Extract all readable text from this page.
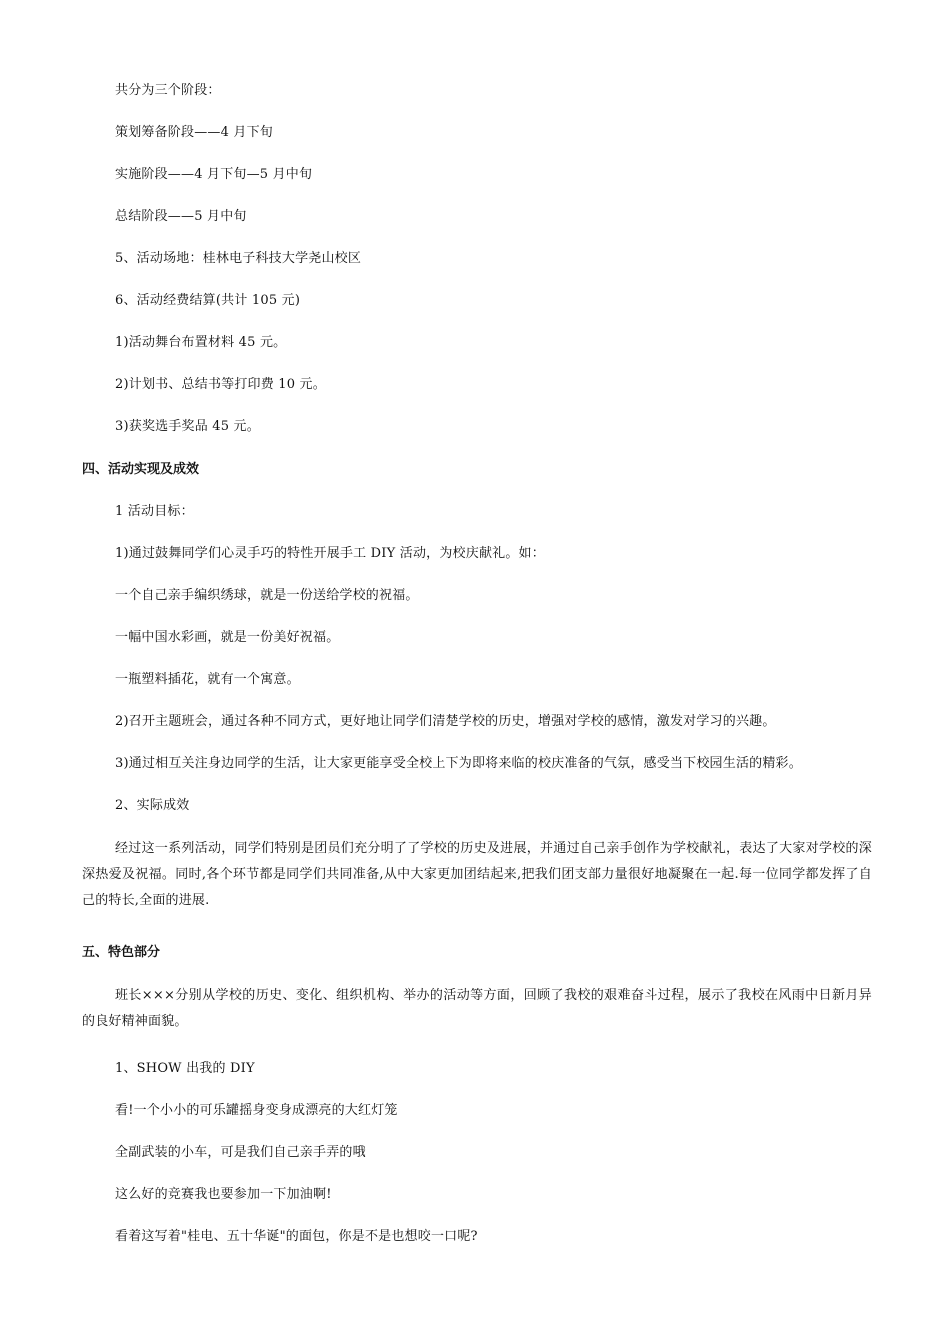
共分为三个阶段：
策划筹备阶段——4 月下旬
实施阶段——4 月下旬—5 月中旬
总结阶段——5 月中旬
5、活动场地：桂林电子科技大学尧山校区
6、活动经费结算(共计 105 元)
1)活动舞台布置材料 45 元。
2)计划书、总结书等打印费 10 元。
3)获奖选手奖品 45 元。
四、活动实现及成效
1 活动目标：
1)通过鼓舞同学们心灵手巧的特性开展手工 DIY 活动，为校庆献礼。如：
一个自己亲手编织绣球，就是一份送给学校的祝福。
一幅中国水彩画，就是一份美好祝福。
一瓶塑料插花，就有一个寓意。
2)召开主题班会，通过各种不同方式，更好地让同学们清楚学校的历史，增强对学校的感情，激发对学习的兴趣。
3)通过相互关注身边同学的生活，让大家更能享受全校上下为即将来临的校庆准备的气氛，感受当下校园生活的精彩。
2、实际成效
经过这一系列活动，同学们特别是团员们充分明了了学校的历史及进展，并通过自己亲手创作为学校献礼，表达了大家对学校的深深热爱及祝福。同时,各个环节都是同学们共同准备,从中大家更加团结起来,把我们团支部力量很好地凝聚在一起.每一位同学都发挥了自己的特长,全面的进展.
五、特色部分
班长×××分别从学校的历史、变化、组织机构、举办的活动等方面，回顾了我校的艰难奋斗过程，展示了我校在风雨中日新月异的良好精神面貌。
1、SHOW 出我的 DIY
看!一个小小的可乐罐摇身变身成漂亮的大红灯笼
全副武装的小车，可是我们自己亲手弄的哦
这么好的竞赛我也要参加一下加油啊!
看着这写着"桂电、五十华诞"的面包，你是不是也想咬一口呢?
